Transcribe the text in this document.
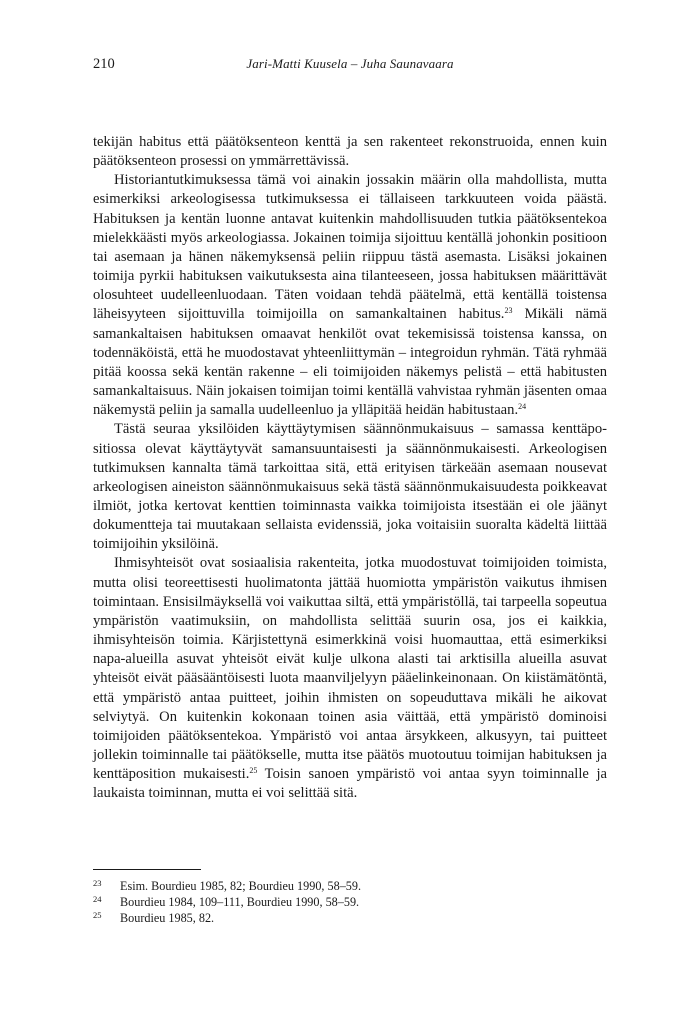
210	Jari-Matti Kuusela – Juha Saunavaara

tekijän habitus että päätöksenteon kenttä ja sen rakenteet rekonstruoida, ennen kuin päätöksenteon prosessi on ymmärrettävissä.

Historiantutkimuksessa tämä voi ainakin jossakin määrin olla mahdollista, mutta esimerkiksi arkeologisessa tutkimuksessa ei tällaiseen tarkkuuteen voida päästä. Habituksen ja kentän luonne antavat kuitenkin mahdollisuuden tutkia päätöksentekoa mielekkäästi myös arkeologiassa. Jokainen toimija sijoittuu kentällä johonkin positioon tai asemaan ja hänen näkemyksensä peliin riippuu tästä asemasta. Lisäksi jokainen toimija pyrkii habituksen vaikutuksesta aina tilanteeseen, jossa habituksen määrittävät olosuhteet uudelleenluodaan. Täten voidaan tehdä päätelmä, että kentällä toistensa läheisyyteen sijoittuvilla toimijoilla on samankaltainen habitus.$^{23}$ Mikäli nämä samankaltaisen habituksen omaavat henkilöt ovat tekemisissä toistensa kanssa, on todennäköistä, että he muodostavat yhteenliittymän – integroidun ryhmän. Tätä ryhmää pitää koossa sekä kentän rakenne – eli toimijoiden näkemys pelistä – että habitusten samankaltaisuus. Näin jokaisen toimijan toimi kentällä vahvistaa ryhmän jäsenten omaa näkemystä peliin ja samalla uudelleenluo ja ylläpitää heidän habitustaan.$^{24}$

Tästä seuraa yksilöiden käyttäytymisen säännönmukaisuus – samassa kenttäpositiossa olevat käyttäytyvät samansuuntaisesti ja säännönmukaisesti. Arkeologisen tutkimuksen kannalta tämä tarkoittaa sitä, että erityisen tärkeään asemaan nousevat arkeologisen aineiston säännönmukaisuus sekä tästä säännönmukaisuudesta poikkeavat ilmiöt, jotka kertovat kenttien toiminnasta vaikka toimijoista itsestään ei ole jäänyt dokumentteja tai muutakaan sellaista evidenssiä, joka voitaisiin suoralta kädeltä liittää toimijoihin yksilöinä.

Ihmisyhteisöt ovat sosiaalisia rakenteita, jotka muodostuvat toimijoiden toimista, mutta olisi teoreettisesti huolimatonta jättää huomiotta ympäristön vaikutus ihmisen toimintaan. Ensisilmäyksellä voi vaikuttaa siltä, että ympäristöllä, tai tarpeella sopeutua ympäristön vaatimuksiin, on mahdollista selittää suurin osa, jos ei kaikkia, ihmisyhteisön toimia. Kärjistettynä esimerkkinä voisi huomauttaa, että esimerkiksi napa-alueilla asuvat yhteisöt eivät kulje ulkona alasti tai arktisilla alueilla asuvat yhteisöt eivät pääsääntöisesti luota maanviljelyyn pääelinkeinonaan. On kiistämätöntä, että ympäristö antaa puitteet, joihin ihmisten on sopeuduttava mikäli he aikovat selviytyä. On kuitenkin kokonaan toinen asia väittää, että ympäristö dominoisi toimijoiden päätöksentekoa. Ympäristö voi antaa ärsykkeen, alkusyyn, tai puitteet jollekin toiminnalle tai päätökselle, mutta itse päätös muotoutuu toimijan habituksen ja kenttäposition mukaisesti.$^{25}$ Toisin sanoen ympäristö voi antaa syyn toiminnalle ja laukaista toiminnan, mutta ei voi selittää sitä.

23 Esim. Bourdieu 1985, 82; Bourdieu 1990, 58–59.
24 Bourdieu 1984, 109–111, Bourdieu 1990, 58–59.
25 Bourdieu 1985, 82.
